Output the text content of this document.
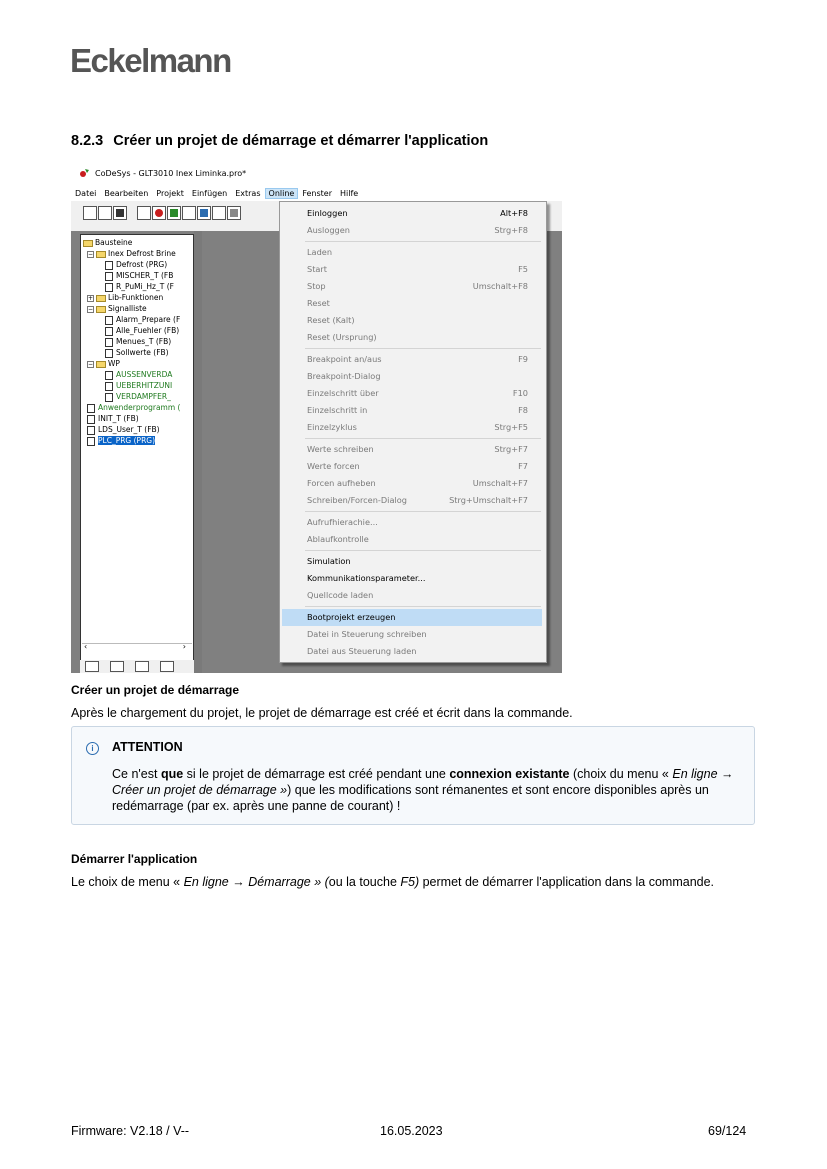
Eckelmann
8.2.3 Créer un projet de démarrage et démarrer l'application
CoDeSys - GLT3010 Inex Liminka.pro*
Datei	Bearbeiten	Projekt	Einfügen	Extras	Online	Fenster	Hilfe
‹	›
Bausteine
− Inex Defrost Brine
Defrost (PRG)
MISCHER_T (FB
R_PuMi_Hz_T (F
+ Lib-Funktionen
− Signalliste
Alarm_Prepare (F
Alle_Fuehler (FB)
Menues_T (FB)
Sollwerte (FB)
− WP
AUSSENVERDA
UEBERHITZUNI
VERDAMPFER_
Anwenderprogramm (
INIT_T (FB)
LDS_User_T (FB)
PLC_PRG (PRG)
Einloggen	Alt+F8
Ausloggen	Strg+F8
Laden
Start	F5
Stop	Umschalt+F8
Reset
Reset (Kalt)
Reset (Ursprung)
Breakpoint an/aus	F9
Breakpoint-Dialog
Einzelschritt über	F10
Einzelschritt in	F8
Einzelzyklus	Strg+F5
Werte schreiben	Strg+F7
Werte forcen	F7
Forcen aufheben	Umschalt+F7
Schreiben/Forcen-Dialog	Strg+Umschalt+F7
Aufrufhierachie...
Ablaufkontrolle
Simulation
Kommunikationsparameter...
Quellcode laden
Bootprojekt erzeugen
Datei in Steuerung schreiben
Datei aus Steuerung laden
Créer un projet de démarrage
Après le chargement du projet, le projet de démarrage est créé et écrit dans la commande.
i	ATTENTION
Ce n'est que si le projet de démarrage est créé pendant une connexion existante (choix du menu « En ligne → Créer un projet de démarrage ») que les modifications sont rémanentes et sont encore disponibles après un redémarrage (par ex. après une panne de courant) !
Démarrer l'application
Le choix de menu « En ligne → Démarrage » (ou la touche F5) permet de démarrer l'application dans la commande.
Firmware: V2.18 / V--	16.05.2023	69/124
